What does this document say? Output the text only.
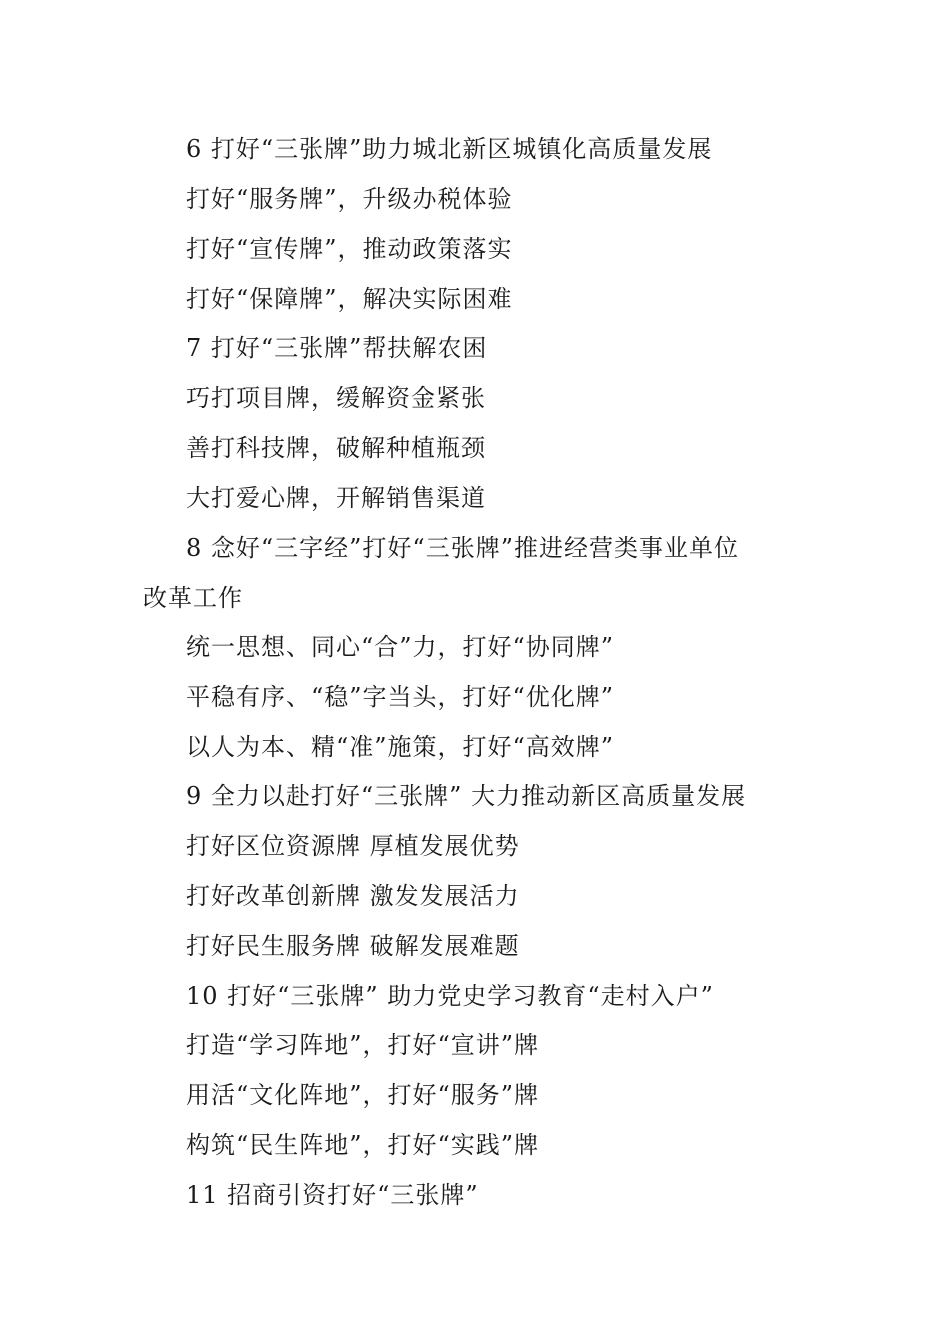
6 打好“三张牌”助力城北新区城镇化高质量发展
打好“服务牌”，升级办税体验
打好“宣传牌”，推动政策落实
打好“保障牌”，解决实际困难
7 打好“三张牌”帮扶解农困
巧打项目牌，缓解资金紧张
善打科技牌，破解种植瓶颈
大打爱心牌，开解销售渠道
8 念好“三字经”打好“三张牌”推进经营类事业单位
改革工作
统一思想、同心“合”力，打好“协同牌”
平稳有序、“稳”字当头，打好“优化牌”
以人为本、精“准”施策，打好“高效牌”
9 全力以赴打好“三张牌” 大力推动新区高质量发展
打好区位资源牌 厚植发展优势
打好改革创新牌 激发发展活力
打好民生服务牌 破解发展难题
10 打好“三张牌” 助力党史学习教育“走村入户”
打造“学习阵地”，打好“宣讲”牌
用活“文化阵地”，打好“服务”牌
构筑“民生阵地”，打好“实践”牌
11 招商引资打好“三张牌”
